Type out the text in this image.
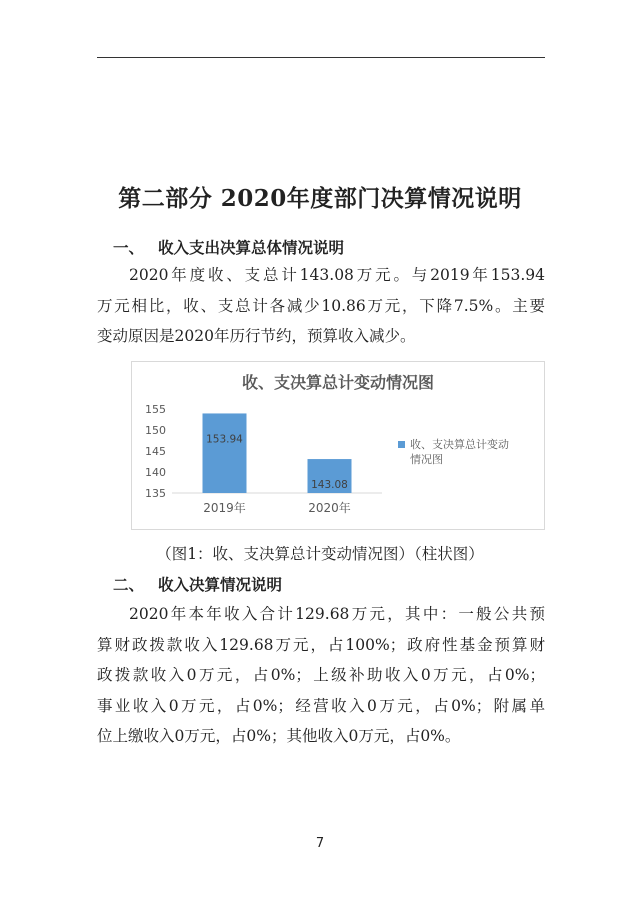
第二部分 2020年度部门决算情况说明
一、 收入支出决算总体情况说明
2020年度收、支总计143.08万元。与2019年153.94
万元相比，收、支总计各减少10.86万元，下降7.5%。主要
变动原因是2020年历行节约，预算收入减少。
收、支决算总计变动情况图
135
140
145
150
155
153.94
2019年
143.08
2020年
收、支决算总计变动
情况图
（图1：收、支决算总计变动情况图）（柱状图）
二、 收入决算情况说明
2020年本年收入合计129.68万元，其中：一般公共预
算财政拨款收入129.68万元，占100%；政府性基金预算财
政拨款收入0万元，占0%；上级补助收入0万元，占0%；
事业收入0万元，占0%；经营收入0万元，占0%；附属单
位上缴收入0万元，占0%；其他收入0万元，占0%。
7
